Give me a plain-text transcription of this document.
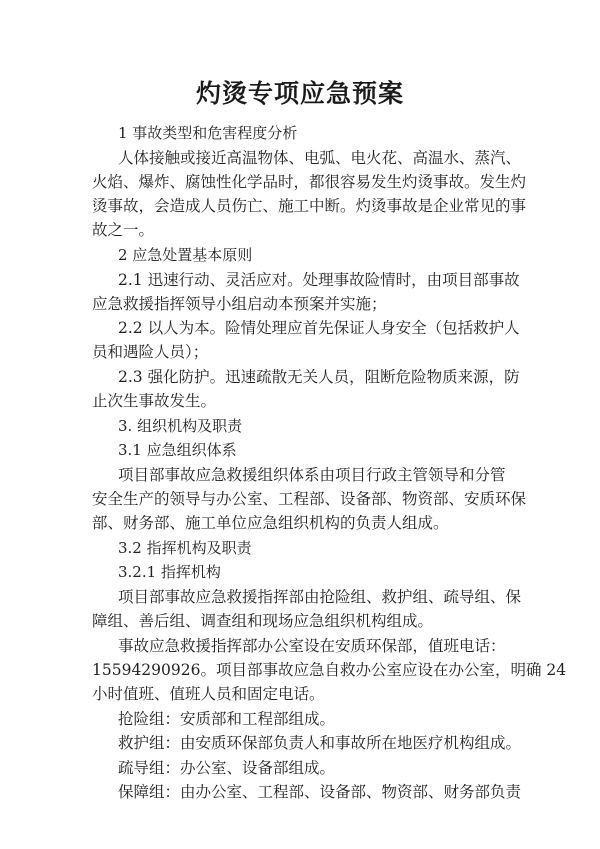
灼烫专项应急预案
1 事故类型和危害程度分析
人体接触或接近高温物体、电弧、电火花、高温水、蒸汽、
火焰、爆炸、腐蚀性化学品时，都很容易发生灼烫事故。发生灼
烫事故，会造成人员伤亡、施工中断。灼烫事故是企业常见的事
故之一。
2 应急处置基本原则
2.1 迅速行动、灵活应对。处理事故险情时，由项目部事故
应急救援指挥领导小组启动本预案并实施；
2.2 以人为本。险情处理应首先保证人身安全（包括救护人
员和遇险人员）；
2.3 强化防护。迅速疏散无关人员，阻断危险物质来源，防
止次生事故发生。
3. 组织机构及职责
3.1 应急组织体系
项目部事故应急救援组织体系由项目行政主管领导和分管
安全生产的领导与办公室、工程部、设备部、物资部、安质环保
部、财务部、施工单位应急组织机构的负责人组成。
3.2 指挥机构及职责
3.2.1 指挥机构
项目部事故应急救援指挥部由抢险组、救护组、疏导组、保
障组、善后组、调查组和现场应急组织机构组成。
事故应急救援指挥部办公室设在安质环保部，值班电话：
15594290926。项目部事故应急自救办公室应设在办公室，明确 24
小时值班、值班人员和固定电话。
抢险组：安质部和工程部组成。
救护组：由安质环保部负责人和事故所在地医疗机构组成。
疏导组：办公室、设备部组成。
保障组：由办公室、工程部、设备部、物资部、财务部负责
